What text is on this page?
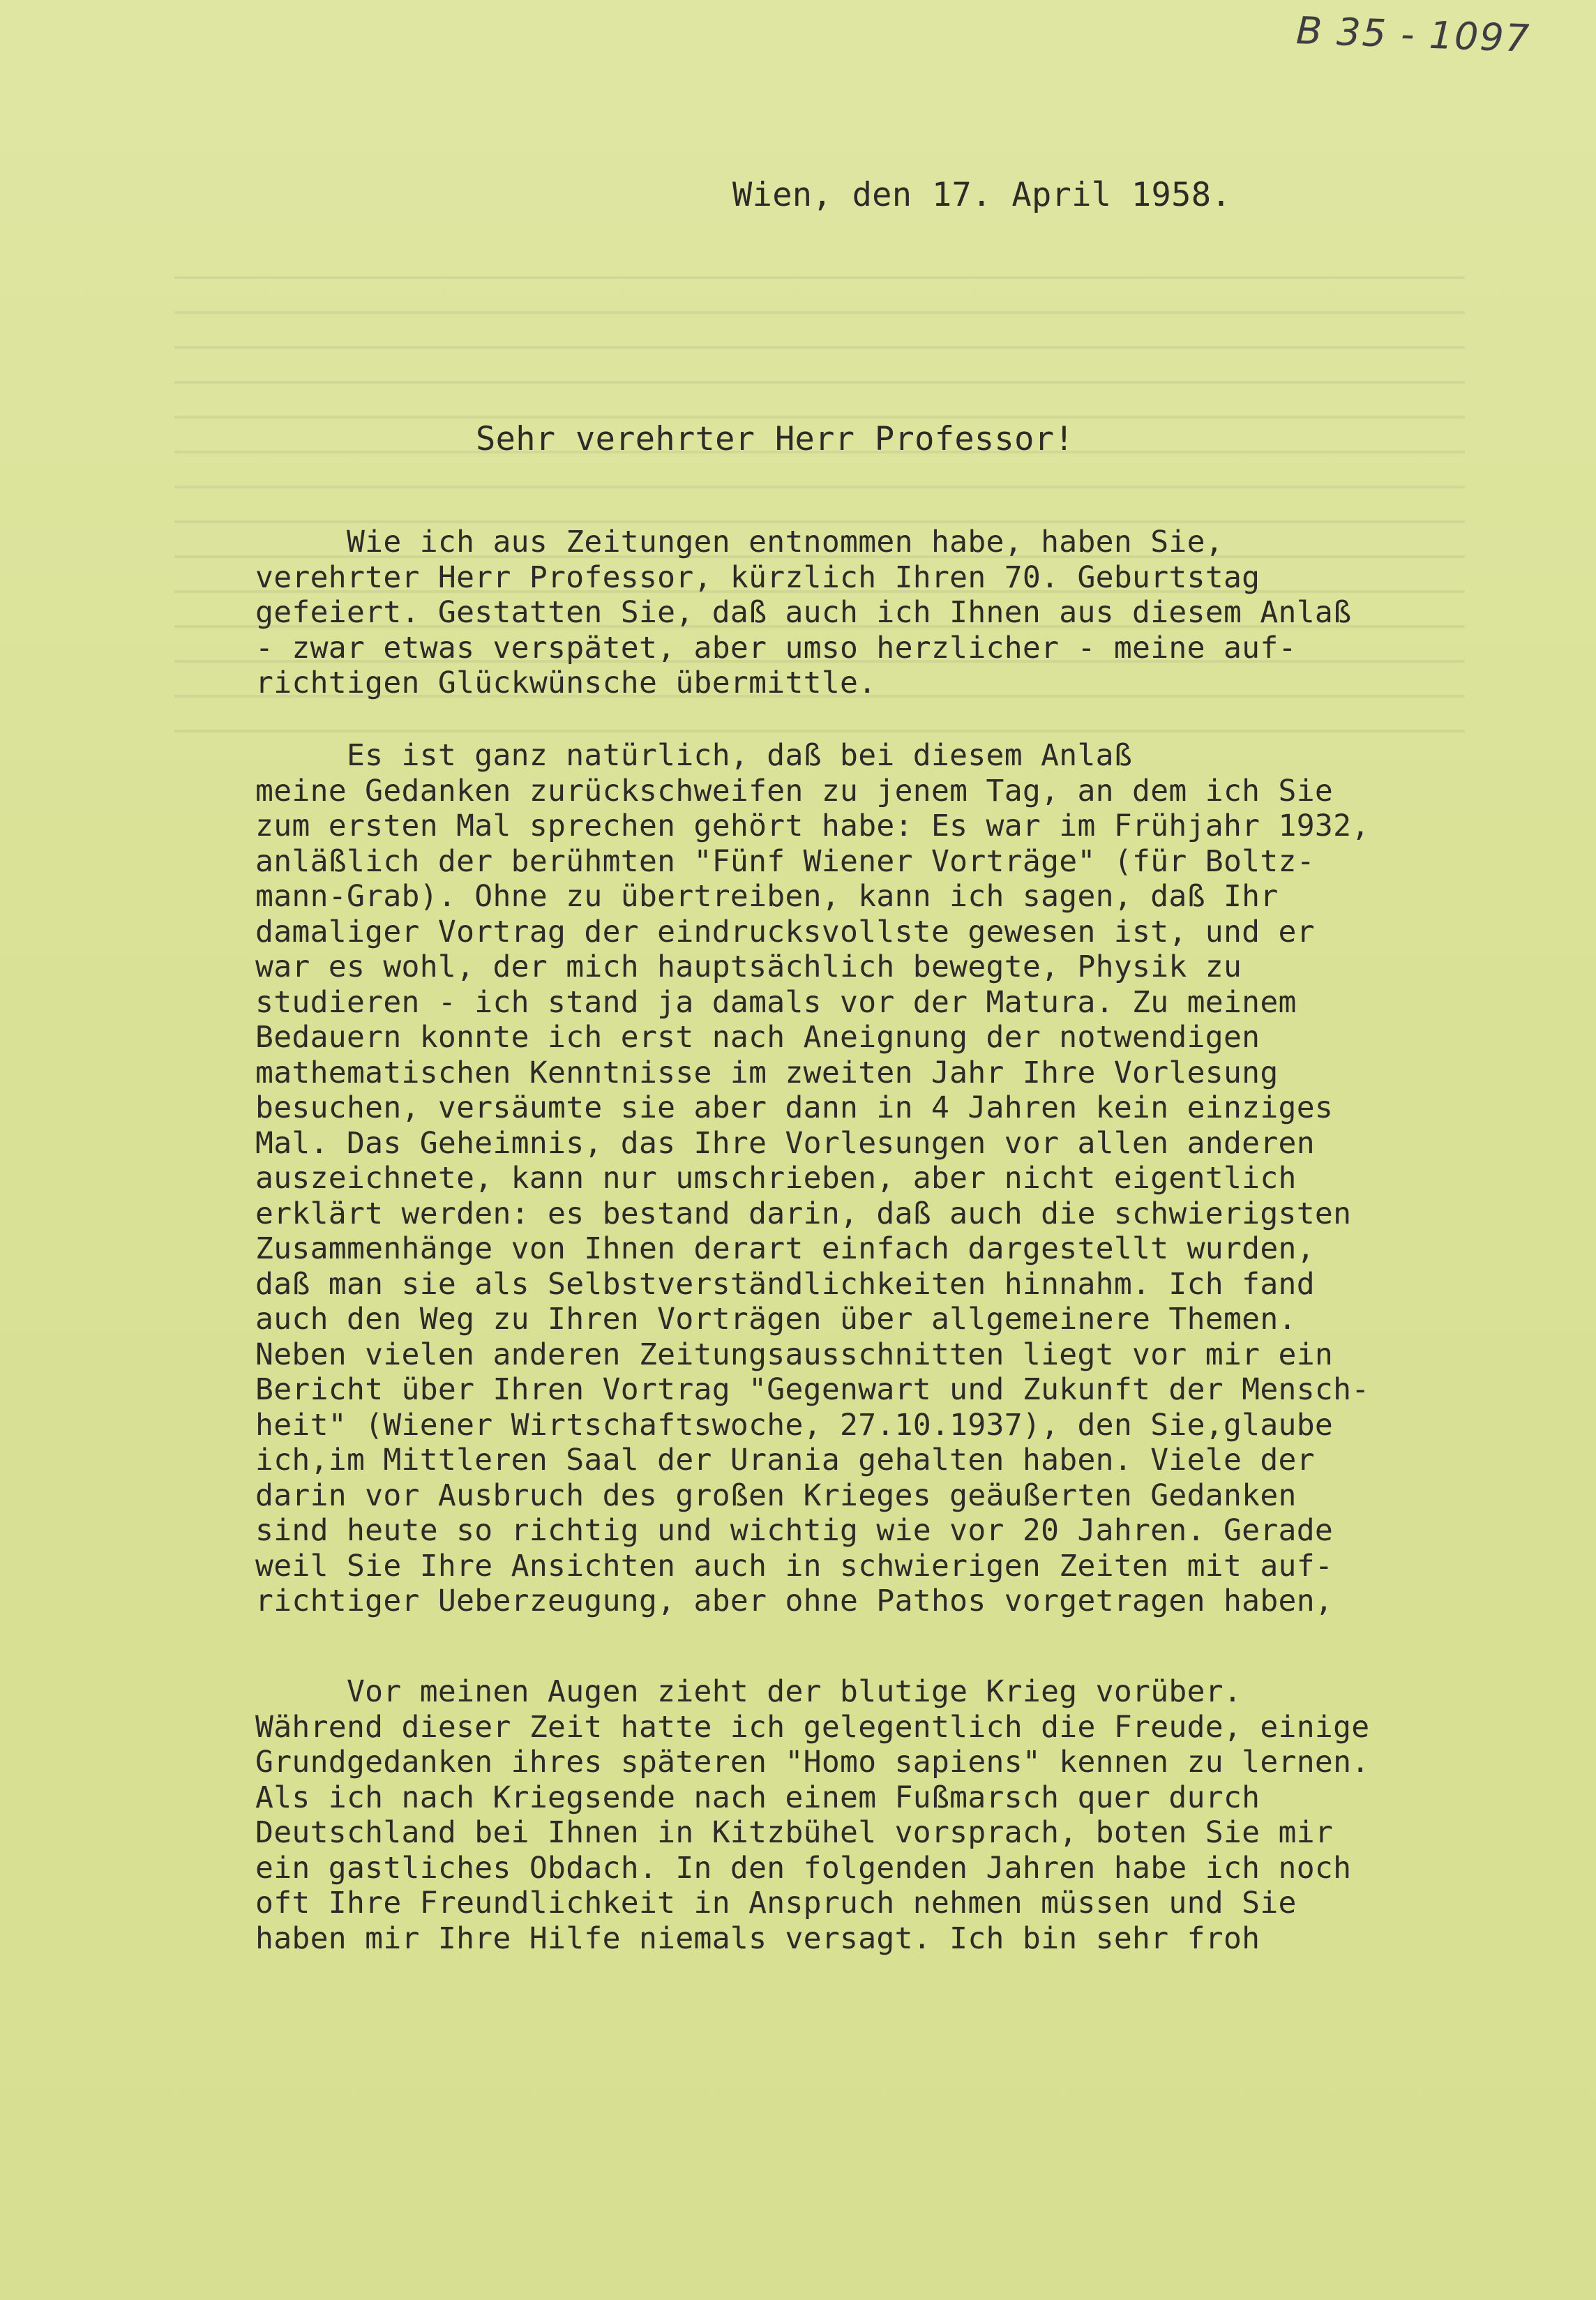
B 35 - 1097

Wien, den 17. April 1958.

Sehr verehrter Herr Professor!

Wie ich aus Zeitungen entnommen habe, haben Sie,
verehrter Herr Professor, kürzlich Ihren 70. Geburtstag
gefeiert. Gestatten Sie, daß auch ich Ihnen aus diesem Anlaß
- zwar etwas verspätet, aber umso herzlicher - meine auf-
richtigen Glückwünsche übermittle.

Es ist ganz natürlich, daß bei diesem Anlaß
meine Gedanken zurückschweifen zu jenem Tag, an dem ich Sie
zum ersten Mal sprechen gehört habe: Es war im Frühjahr 1932,
anläßlich der berühmten "Fünf Wiener Vorträge" (für Boltz-
mann-Grab). Ohne zu übertreiben, kann ich sagen, daß Ihr
damaliger Vortrag der eindrucksvollste gewesen ist, und er
war es wohl, der mich hauptsächlich bewegte, Physik zu
studieren - ich stand ja damals vor der Matura. Zu meinem
Bedauern konnte ich erst nach Aneignung der notwendigen
mathematischen Kenntnisse im zweiten Jahr Ihre Vorlesung
besuchen, versäumte sie aber dann in 4 Jahren kein einziges
Mal. Das Geheimnis, das Ihre Vorlesungen vor allen anderen
auszeichnete, kann nur umschrieben, aber nicht eigentlich
erklärt werden: es bestand darin, daß auch die schwierigsten
Zusammenhänge von Ihnen derart einfach dargestellt wurden,
daß man sie als Selbstverständlichkeiten hinnahm. Ich fand
auch den Weg zu Ihren Vorträgen über allgemeinere Themen.
Neben vielen anderen Zeitungsausschnitten liegt vor mir ein
Bericht über Ihren Vortrag "Gegenwart und Zukunft der Mensch-
heit" (Wiener Wirtschaftswoche, 27.10.1937), den Sie,glaube
ich,im Mittleren Saal der Urania gehalten haben. Viele der
darin vor Ausbruch des großen Krieges geäußerten Gedanken
sind heute so richtig und wichtig wie vor 20 Jahren. Gerade
weil Sie Ihre Ansichten auch in schwierigen Zeiten mit auf-
richtiger Ueberzeugung, aber ohne Pathos vorgetragen haben,

Vor meinen Augen zieht der blutige Krieg vorüber.
Während dieser Zeit hatte ich gelegentlich die Freude, einige
Grundgedanken ihres späteren "Homo sapiens" kennen zu lernen.
Als ich nach Kriegsende nach einem Fußmarsch quer durch
Deutschland bei Ihnen in Kitzbühel vorsprach, boten Sie mir
ein gastliches Obdach. In den folgenden Jahren habe ich noch
oft Ihre Freundlichkeit in Anspruch nehmen müssen und Sie
haben mir Ihre Hilfe niemals versagt. Ich bin sehr froh
